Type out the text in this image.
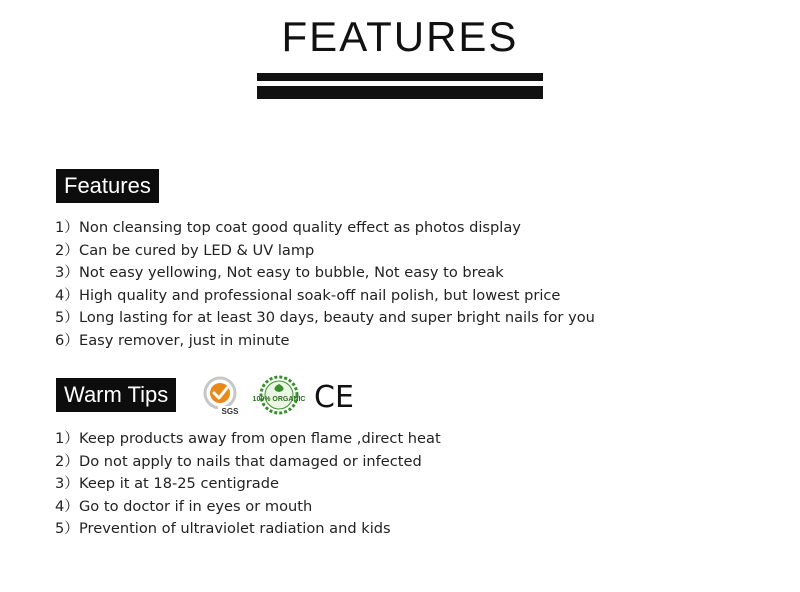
FEATURES
Features
1）Non cleansing top coat good quality effect as photos display
2）Can be cured by LED & UV lamp
3）Not easy yellowing, Not easy to bubble, Not easy to break
4）High quality and professional soak-off nail polish, but lowest price
5）Long lasting for at least 30 days, beauty and super bright nails for you
6）Easy remover, just in minute
Warm Tips
SGS
100% ORGANIC CE
1）Keep products away from open flame ,direct heat
2）Do not apply to nails that damaged or infected
3）Keep it at 18-25 centigrade
4）Go to doctor if in eyes or mouth
5）Prevention of ultraviolet radiation and kids
